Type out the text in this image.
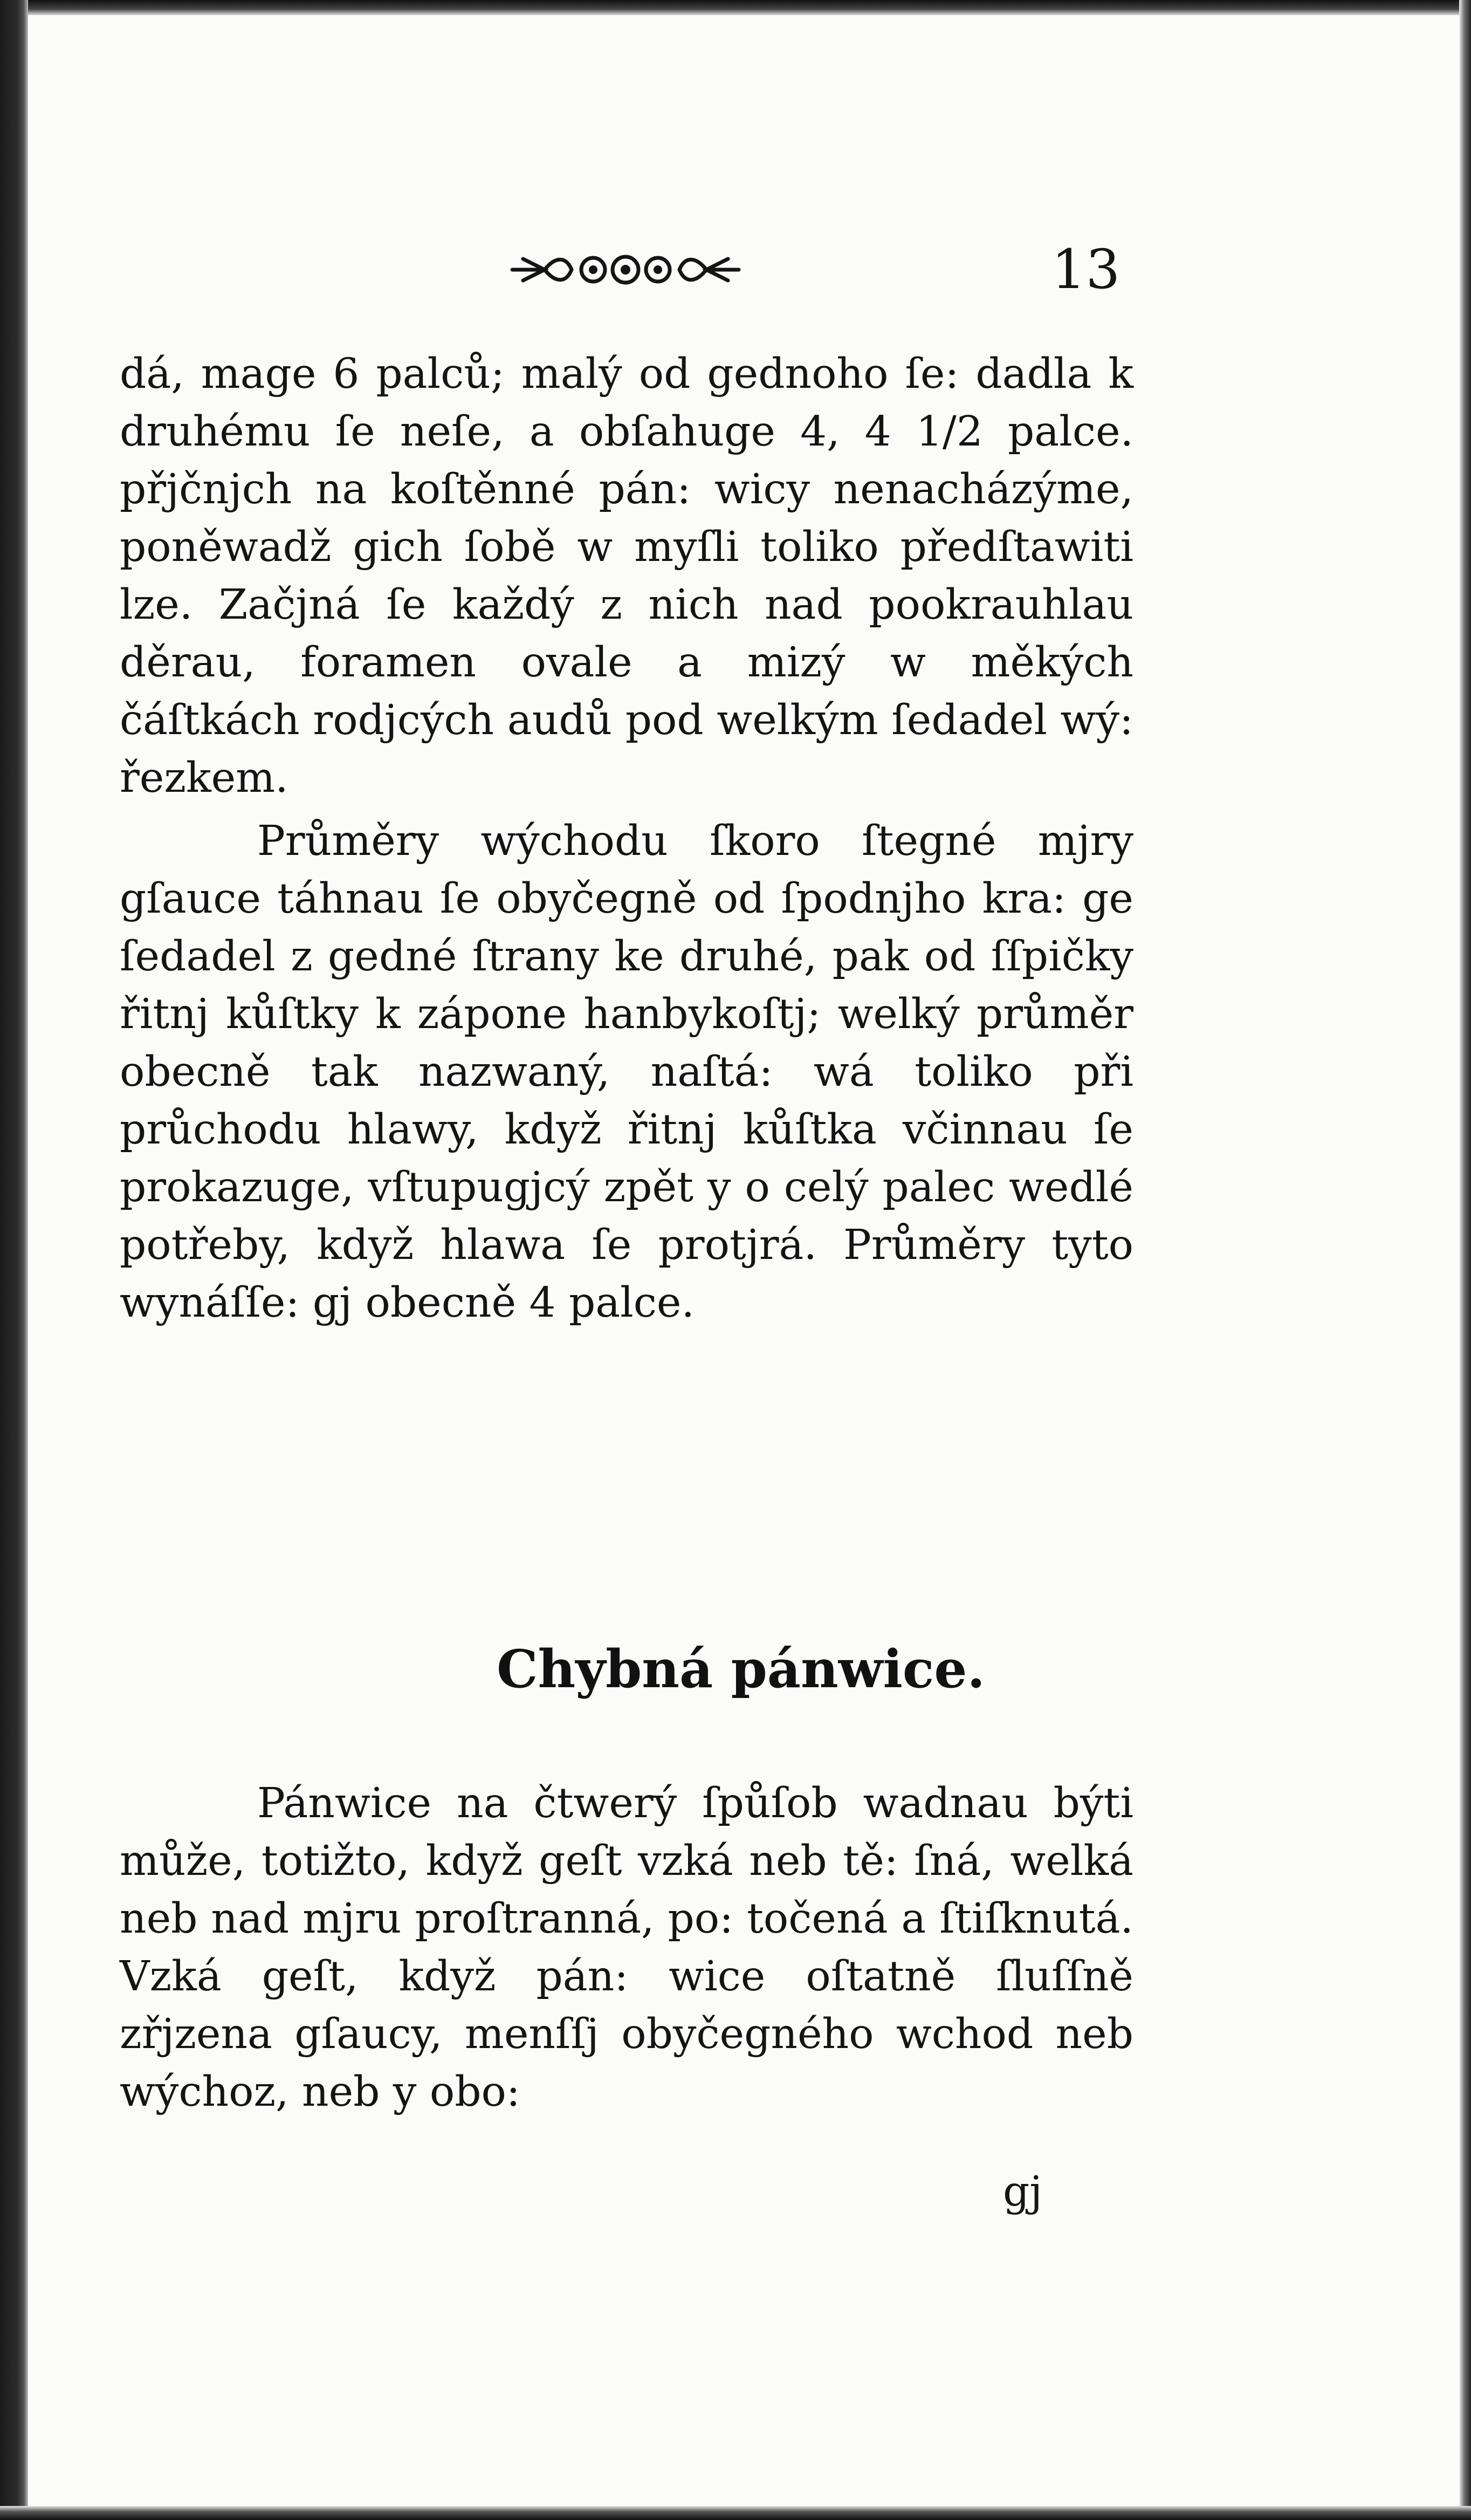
13

dá, mage 6 palců; malý od gednoho ſe: dadla k druhému ſe neſe, a obſahuge 4, 4 1/2 palce. přjčnjch na koſtěnné pán: wicy nenacházýme, poněwadž gich ſobě w myſli toliko předſtawiti lze. Začjná ſe každý z nich nad pookrauhlau děrau, foramen ovale a mizý w měkých čáſtkách rodjcých audů pod welkým ſedadel wý: řezkem.

Průměry wýchodu ſkoro ſtegné mjry gſauce táhnau ſe obyčegně od ſpodnjho kra: ge ſedadel z gedné ſtrany ke druhé, pak od ſſpičky řitnj kůſtky k zápone hanbykoſtj; welký průměr obecně tak nazwaný, naſtá: wá toliko při průchodu hlawy, když řitnj kůſtka včinnau ſe prokazuge, vſtupugjcý zpět y o celý palec wedlé potřeby, když hlawa ſe protjrá. Průměry tyto wynáſſe: gj obecně 4 palce.

Chybná pánwice.

Pánwice na čtwerý ſpůſob wadnau býti může, totižto, když geſt vzká neb tě: ſná, welká neb nad mjru proſtranná, po: točená a ſtiſknutá. Vzká geſt, když pán: wice oſtatně ſluſſně zřjzena gſaucy, menſſj obyčegného wchod neb wýchoz, neb y obo:

gj
